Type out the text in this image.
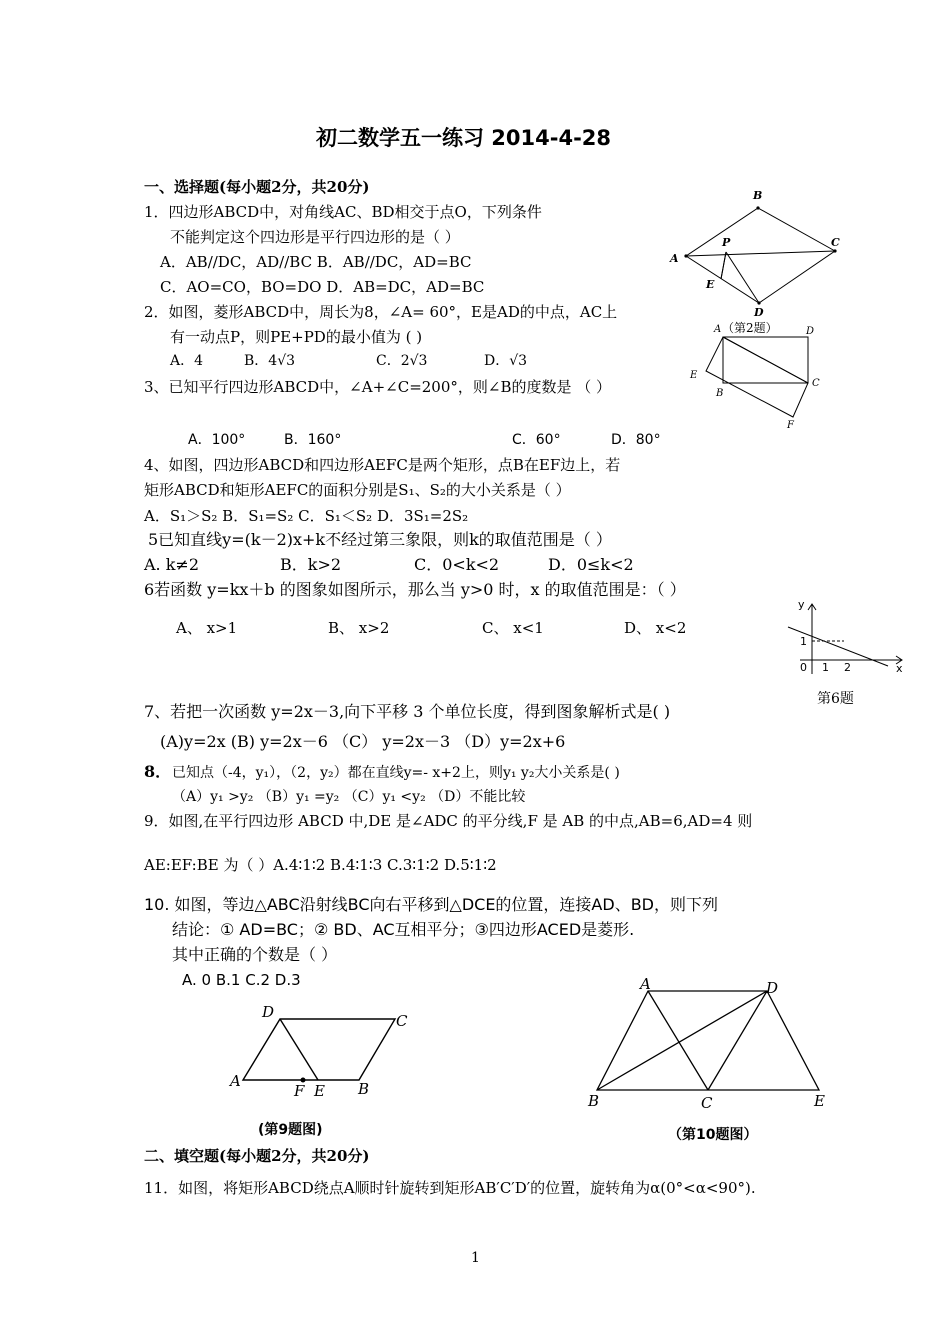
初二数学五一练习 2014-4-28
一、选择题(每小题2分，共20分)
1．四边形ABCD中，对角线AC、BD相交于点O，下列条件
不能判定这个四边形是平行四边形的是（ ）
A．AB//DC，AD//BC B．AB//DC，AD=BC
C．AO=CO，BO=DO D．AB=DC，AD=BC
2．如图，菱形ABCD中，周长为8，∠A= 60°，E是AD的中点，AC上
有一动点P，则PE+PD的最小值为 ( )
A．4	B．4√3	C．2√3	D．√3
3、已知平行四边形ABCD中，∠A+∠C=200°，则∠B的度数是 （ ）
A．100°	B．160°	C．60°	D．80°
4、如图，四边形ABCD和四边形AEFC是两个矩形，点B在EF边上，若
矩形ABCD和矩形AEFC的面积分别是S₁、S₂的大小关系是（ ）
A．S₁＞S₂ B．S₁=S₂ C．S₁＜S₂ D．3S₁=2S₂
5已知直线y=(k－2)x+k不经过第三象限，则k的取值范围是（ ）
A. k≠2	B．k>2	C．0<k<2	D．0≤k<2
6若函数 y=kx＋b 的图象如图所示，那么当 y>0 时，x 的取值范围是：（ ）
A、 x>1	B、 x>2	C、 x<1	D、 x<2
第6题
7、若把一次函数 y=2x－3,向下平移 3 个单位长度，得到图象解析式是( )
(A)y=2x (B) y=2x－6 （C） y=2x－3 （D）y=2x+6
8． 已知点（-4，y₁），（2，y₂）都在直线y=- x+2上，则y₁ y₂大小关系是( )
（A）y₁ >y₂ （B）y₁ =y₂ （C）y₁ <y₂ （D）不能比较
9．如图,在平行四边形 ABCD 中,DE 是∠ADC 的平分线,F 是 AB 的中点,AB=6,AD=4 则
AE:EF:BE 为（ ）A.4∶1∶2 B.4∶1∶3 C.3∶1∶2 D.5∶1∶2
10. 如图，等边△ABC沿射线BC向右平移到△DCE的位置，连接AD、BD，则下列
结论：① AD=BC；② BD、AC互相平分；③四边形ACED是菱形.
其中正确的个数是（ ）
A. 0 B.1 C.2 D.3
二、填空题(每小题2分，共20分)
11．如图，将矩形ABCD绕点A顺时针旋转到矩形AB′C′D′的位置，旋转角为α(0°<α<90°).
1
B
C
A
D
P
E
（第2题）
A	D
C
B
E
F
y
x
0 1 2
1
A
D	C
B
F E
(第9题图)
A	D
B	C	E
（第10题图）
